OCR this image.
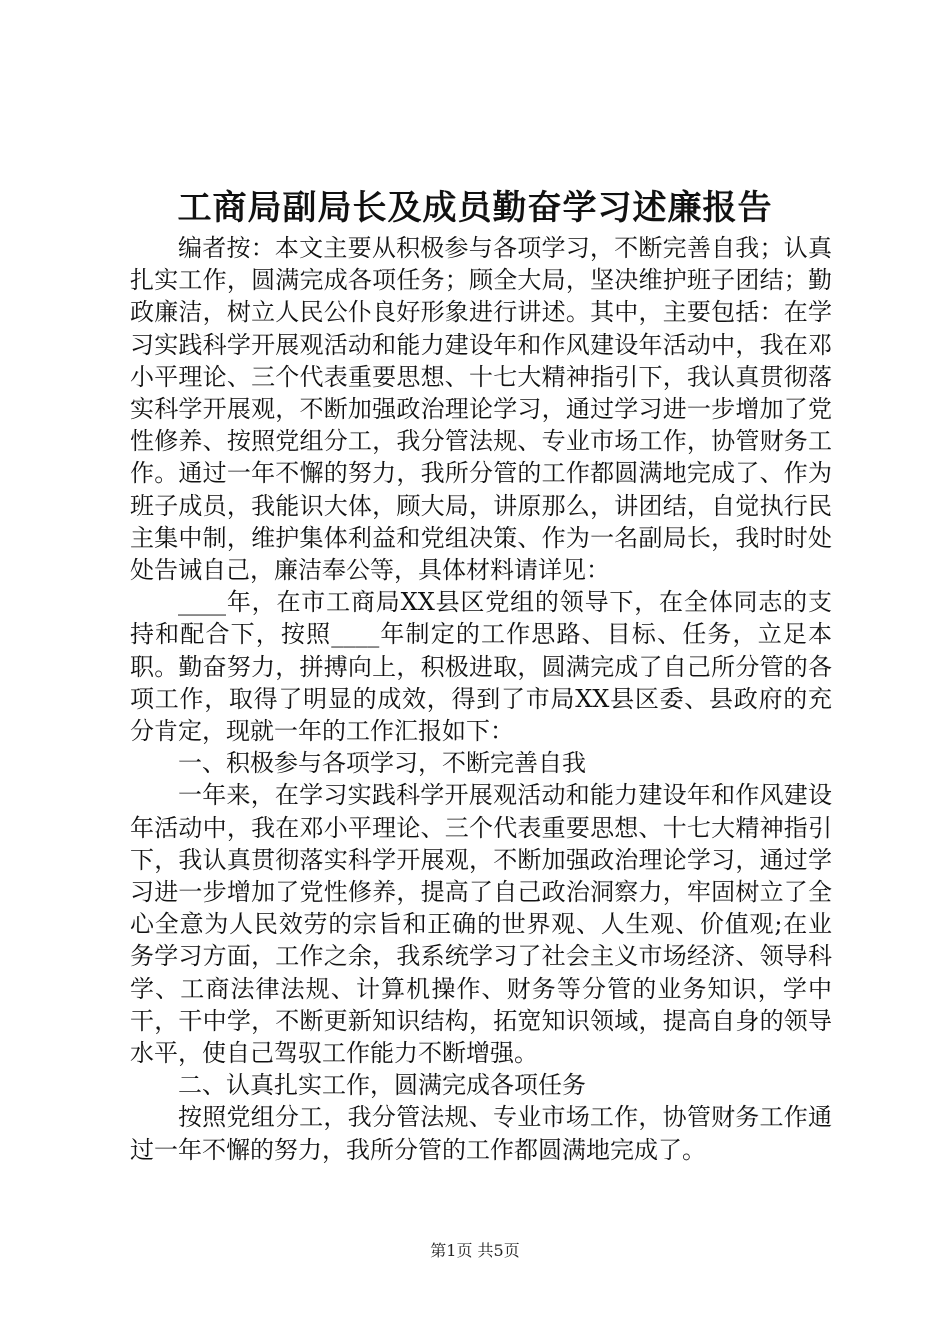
工商局副局长及成员勤奋学习述廉报告

编者按：本文主要从积极参与各项学习，不断完善自我；认真扎实工作，圆满完成各项任务；顾全大局，坚决维护班子团结；勤政廉洁，树立人民公仆良好形象进行讲述。其中，主要包括：在学习实践科学开展观活动和能力建设年和作风建设年活动中，我在邓小平理论、三个代表重要思想、十七大精神指引下，我认真贯彻落实科学开展观，不断加强政治理论学习，通过学习进一步增加了党性修养、按照党组分工，我分管法规、专业市场工作，协管财务工作。通过一年不懈的努力，我所分管的工作都圆满地完成了、作为班子成员，我能识大体，顾大局，讲原那么，讲团结，自觉执行民主集中制，维护集体利益和党组决策、作为一名副局长，我时时处处告诫自己，廉洁奉公等，具体材料请详见：

____年，在市工商局XX县区党组的领导下，在全体同志的支持和配合下，按照____年制定的工作思路、目标、任务，立足本职。勤奋努力，拼搏向上，积极进取，圆满完成了自己所分管的各项工作，取得了明显的成效，得到了市局XX县区委、县政府的充分肯定，现就一年的工作汇报如下：

一、积极参与各项学习，不断完善自我

一年来，在学习实践科学开展观活动和能力建设年和作风建设年活动中，我在邓小平理论、三个代表重要思想、十七大精神指引下，我认真贯彻落实科学开展观，不断加强政治理论学习，通过学习进一步增加了党性修养，提高了自己政治洞察力，牢固树立了全心全意为人民效劳的宗旨和正确的世界观、人生观、价值观;在业务学习方面，工作之余，我系统学习了社会主义市场经济、领导科学、工商法律法规、计算机操作、财务等分管的业务知识，学中干，干中学，不断更新知识结构，拓宽知识领域，提高自身的领导水平，使自己驾驭工作能力不断增强。

二、认真扎实工作，圆满完成各项任务

按照党组分工，我分管法规、专业市场工作，协管财务工作通过一年不懈的努力，我所分管的工作都圆满地完成了。

第1页 共5页
